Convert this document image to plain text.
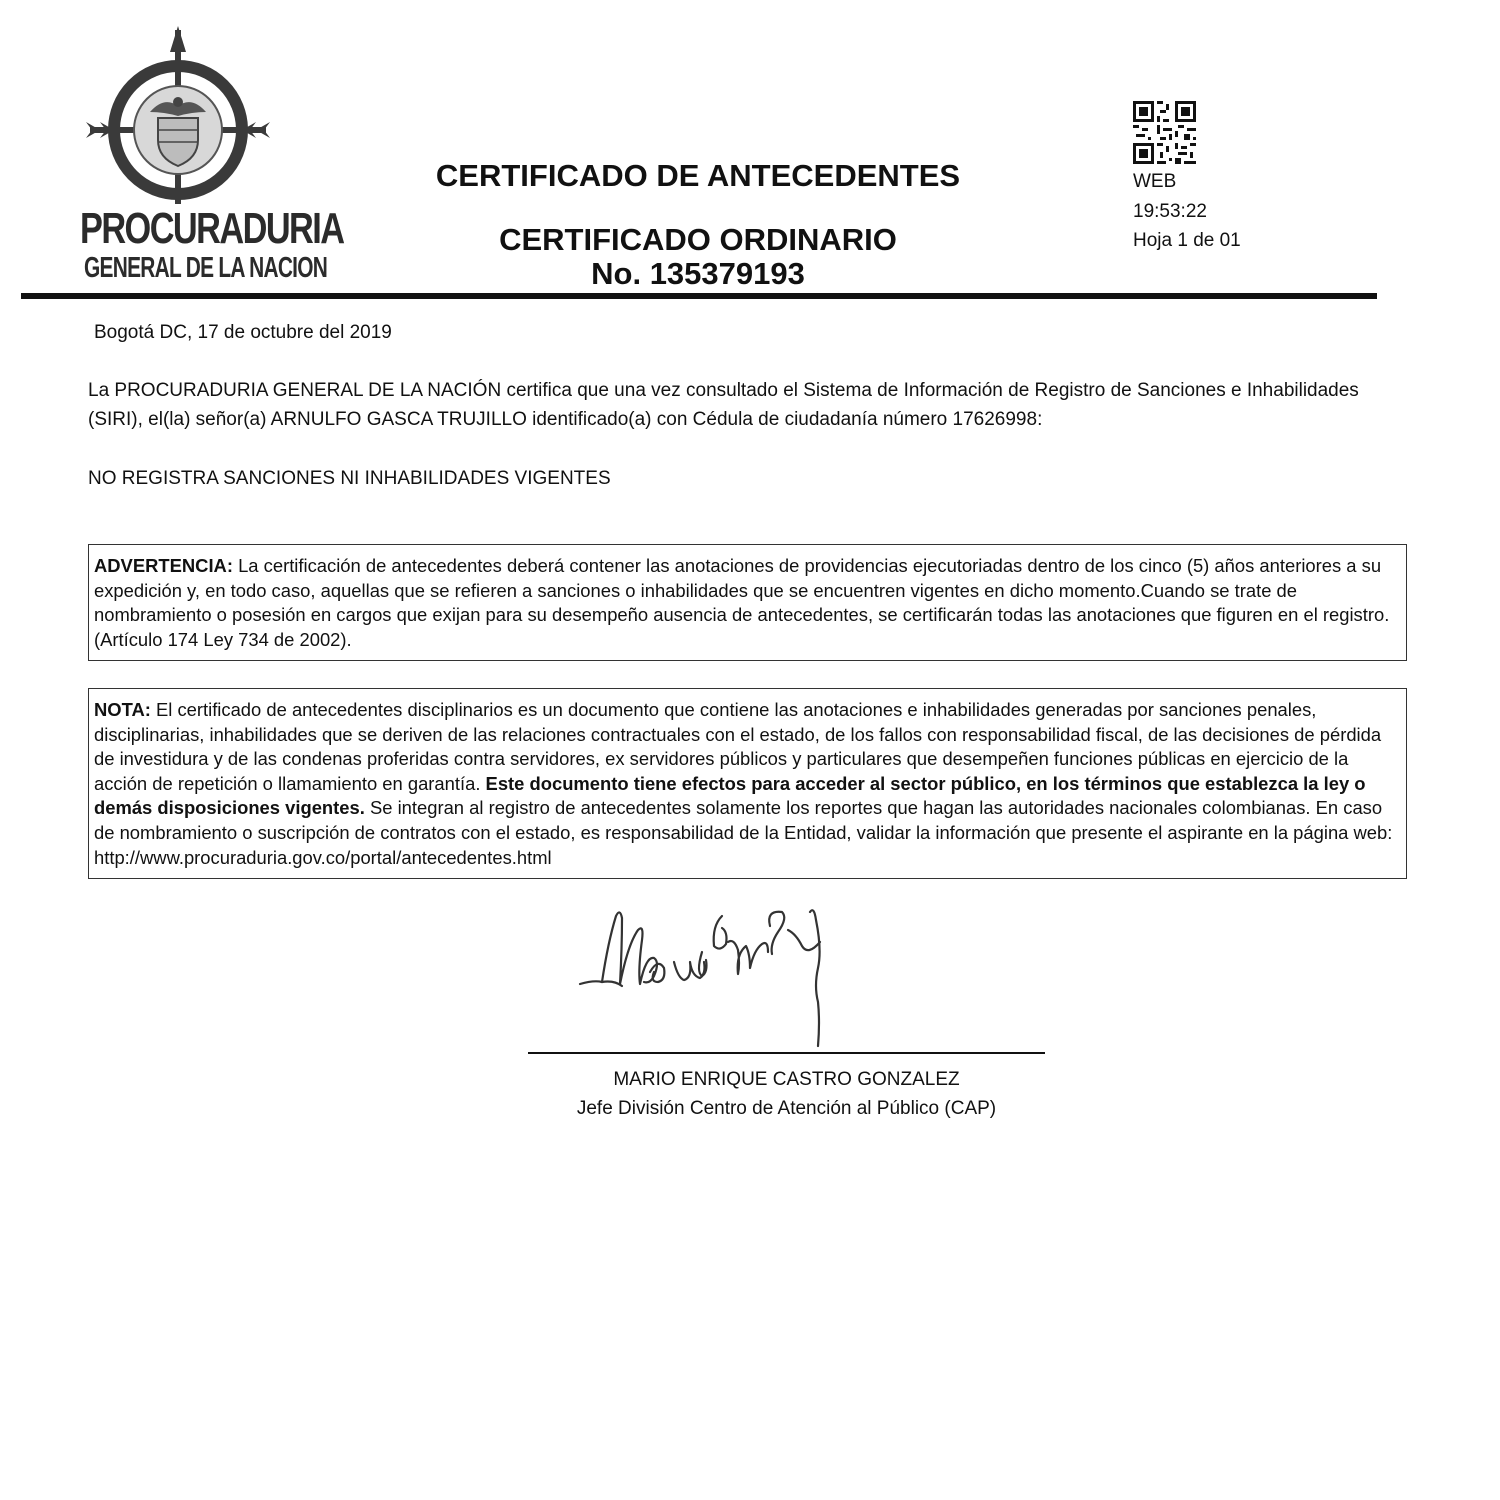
PROCURADURIA
GENERAL DE LA NACION
CERTIFICADO DE ANTECEDENTES
CERTIFICADO ORDINARIO
No. 135379193
WEB
19:53:22
Hoja 1 de 01
Bogotá DC, 17 de octubre del 2019
La PROCURADURIA GENERAL DE LA NACIÓN certifica que una vez consultado el Sistema de Información de Registro de Sanciones e Inhabilidades (SIRI), el(la) señor(a) ARNULFO GASCA TRUJILLO identificado(a) con Cédula de ciudadanía número 17626998:
NO REGISTRA SANCIONES NI INHABILIDADES VIGENTES
ADVERTENCIA: La certificación de antecedentes deberá contener las anotaciones de providencias ejecutoriadas dentro de los cinco (5) años anteriores a su expedición y, en todo caso, aquellas que se refieren a sanciones o inhabilidades que se encuentren vigentes en dicho momento.Cuando se trate de nombramiento o posesión en cargos que exijan para su desempeño ausencia de antecedentes, se certificarán todas las anotaciones que figuren en el registro. (Artículo 174 Ley 734 de 2002).
NOTA: El certificado de antecedentes disciplinarios es un documento que contiene las anotaciones e inhabilidades generadas por sanciones penales, disciplinarias, inhabilidades que se deriven de las relaciones contractuales con el estado, de los fallos con responsabilidad fiscal, de las decisiones de pérdida de investidura y de las condenas proferidas contra servidores, ex servidores públicos y particulares que desempeñen funciones públicas en ejercicio de la acción de repetición o llamamiento en garantía. Este documento tiene efectos para acceder al sector público, en los términos que establezca la ley o demás disposiciones vigentes. Se integran al registro de antecedentes solamente los reportes que hagan las autoridades nacionales colombianas. En caso de nombramiento o suscripción de contratos con el estado, es responsabilidad de la Entidad, validar la información que presente el aspirante en la página web: http://www.procuraduria.gov.co/portal/antecedentes.html
MARIO ENRIQUE CASTRO GONZALEZ
Jefe División Centro de Atención al Público (CAP)
